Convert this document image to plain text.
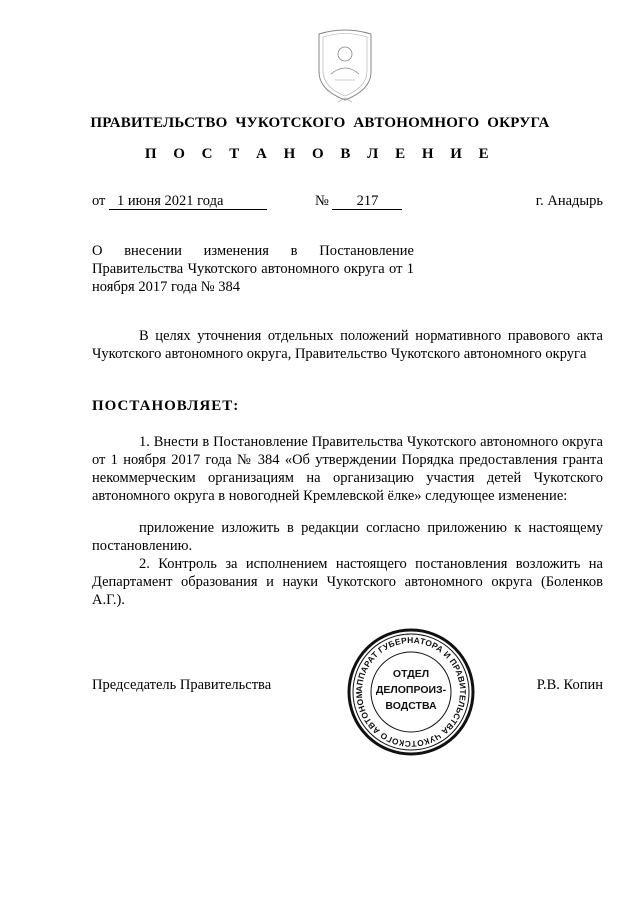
ПРАВИТЕЛЬСТВО ЧУКОТСКОГО АВТОНОМНОГО ОКРУГА
П О С Т А Н О В Л Е Н И Е
от 1 июня 2021 года	№ 217	г. Анадырь
О внесении изменения в Постановление Правительства Чукотского автономного округа от 1 ноября 2017 года № 384
В целях уточнения отдельных положений нормативного правового акта Чукотского автономного округа, Правительство Чукотского автономного округа
ПОСТАНОВЛЯЕТ:
1. Внести в Постановление Правительства Чукотского автономного округа от 1 ноября 2017 года № 384 «Об утверждении Порядка предоставления гранта некоммерческим организациям на организацию участия детей Чукотского автономного округа в новогодней Кремлевской ёлке» следующее изменение:
приложение изложить в редакции согласно приложению к настоящему постановлению.
2. Контроль за исполнением настоящего постановления возложить на Департамент образования и науки Чукотского автономного округа (Боленков А.Г.).
Председатель Правительства	Р.В. Копин
АППАРАТ ГУБЕРНАТОРА И ПРАВИТЕЛЬСТВА ЧУКОТСКОГО АВТОНОМ
ОТДЕЛ
ДЕЛОПРОИЗ-
ВОДСТВА
